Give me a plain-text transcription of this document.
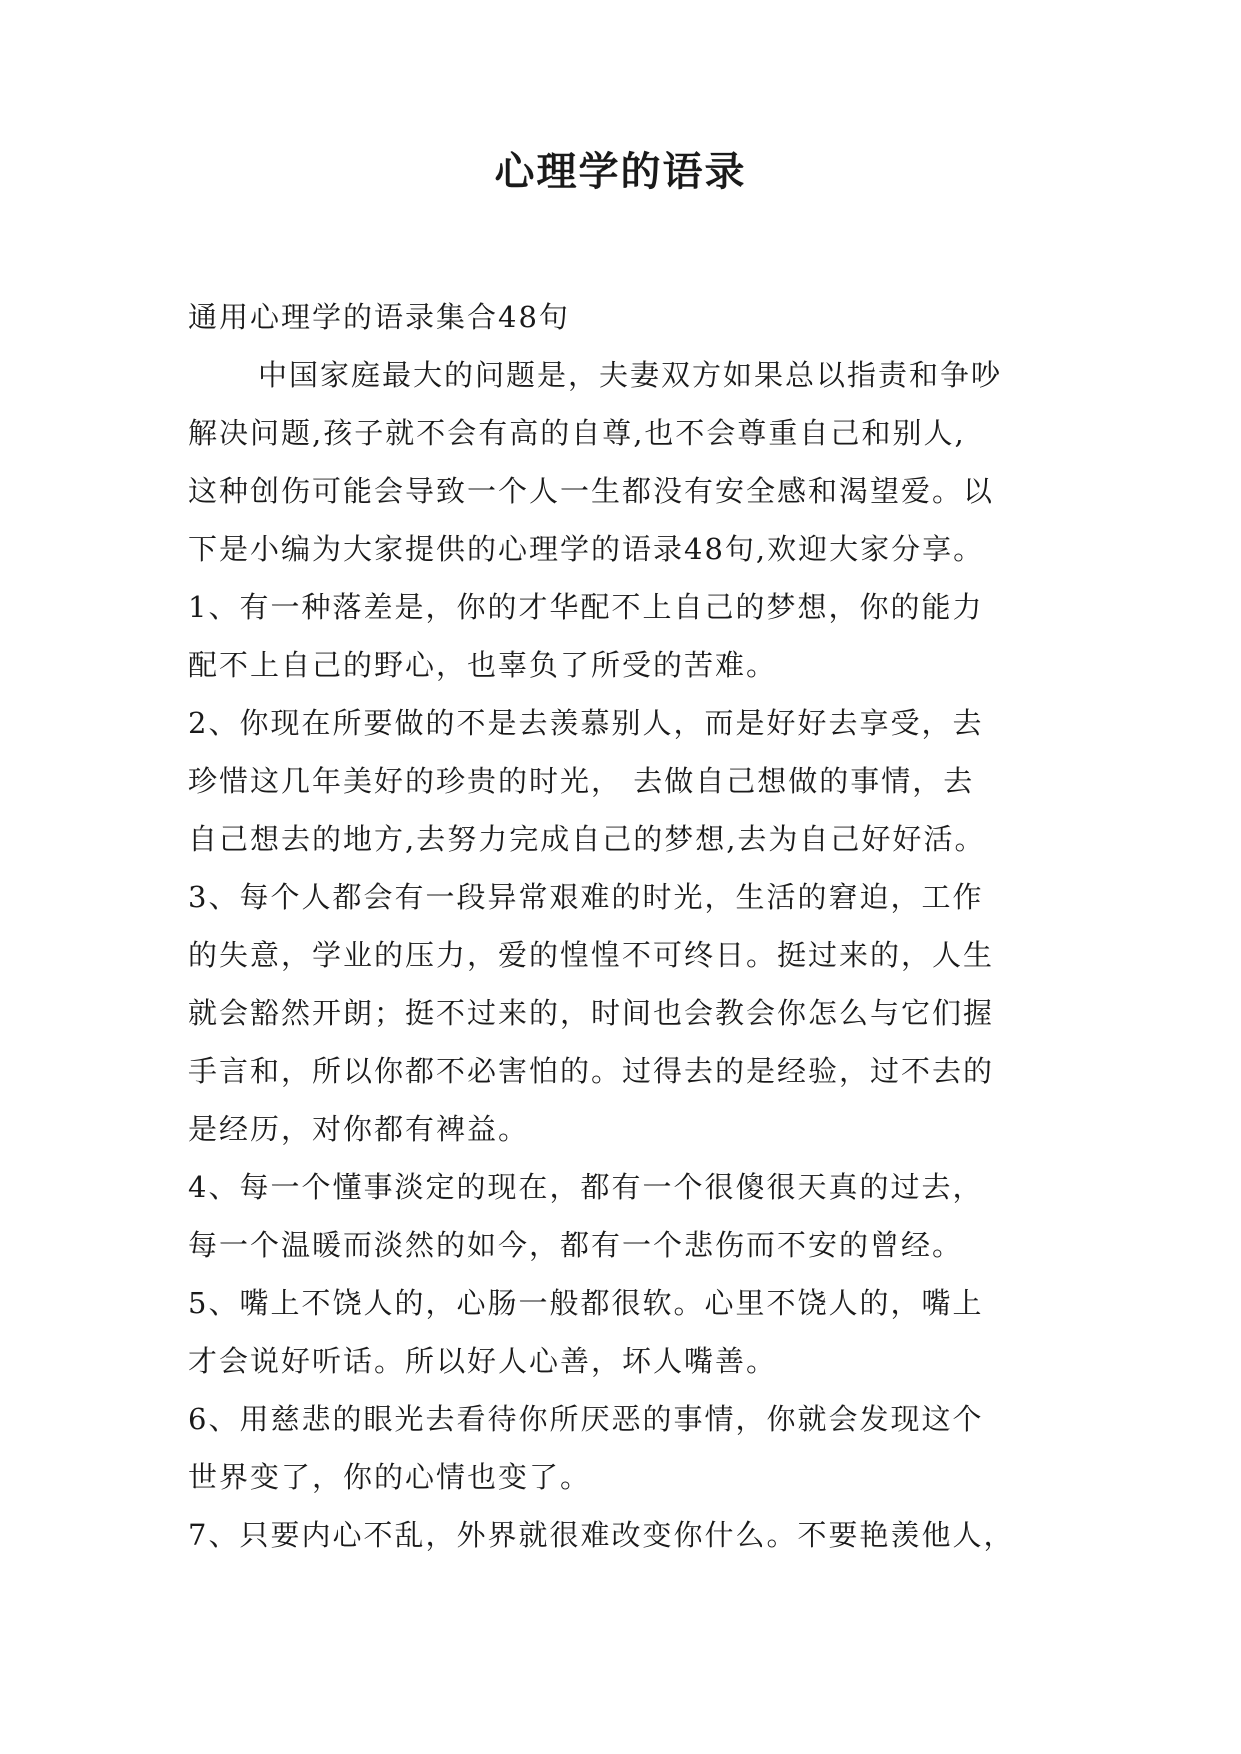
心理学的语录
通用心理学的语录集合48句
中国家庭最大的问题是，夫妻双方如果总以指责和争吵
解决问题,孩子就不会有高的自尊,也不会尊重自己和别人,
这种创伤可能会导致一个人一生都没有安全感和渴望爱。以
下是小编为大家提供的心理学的语录48句,欢迎大家分享。
1、有一种落差是，你的才华配不上自己的梦想，你的能力
配不上自己的野心，也辜负了所受的苦难。
2、你现在所要做的不是去羡慕别人，而是好好去享受，去
珍惜这几年美好的珍贵的时光， 去做自己想做的事情，去
自己想去的地方,去努力完成自己的梦想,去为自己好好活。
3、每个人都会有一段异常艰难的时光，生活的窘迫，工作
的失意，学业的压力，爱的惶惶不可终日。挺过来的，人生
就会豁然开朗；挺不过来的，时间也会教会你怎么与它们握
手言和，所以你都不必害怕的。过得去的是经验，过不去的
是经历，对你都有裨益。
4、每一个懂事淡定的现在，都有一个很傻很天真的过去，
每一个温暖而淡然的如今，都有一个悲伤而不安的曾经。
5、嘴上不饶人的，心肠一般都很软。心里不饶人的，嘴上
才会说好听话。所以好人心善，坏人嘴善。
6、用慈悲的眼光去看待你所厌恶的事情，你就会发现这个
世界变了，你的心情也变了。
7、只要内心不乱，外界就很难改变你什么。不要艳羡他人，
